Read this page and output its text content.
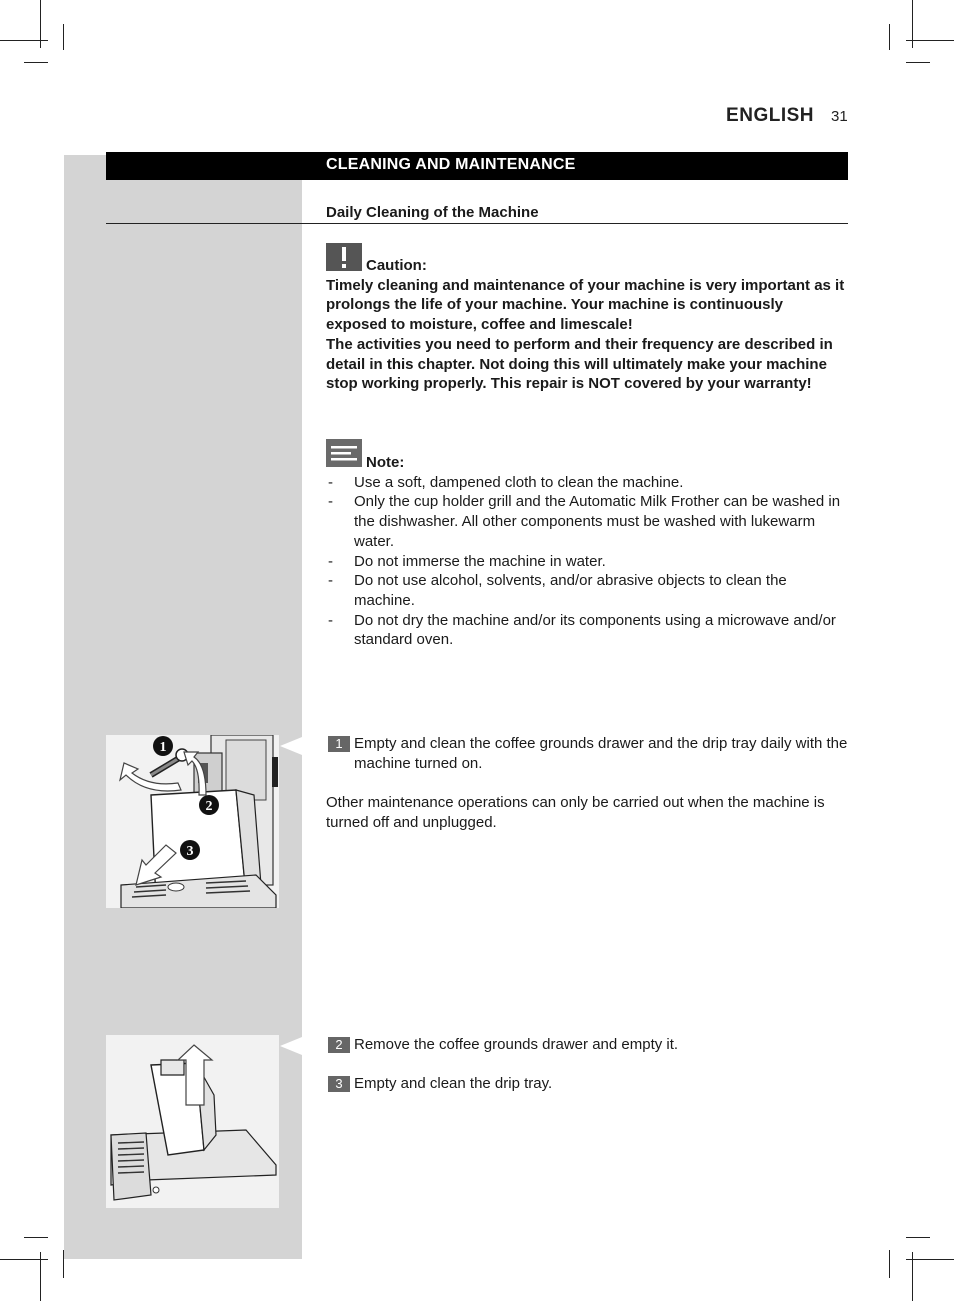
ENGLISH 31
CLEANING AND MAINTENANCE
Daily Cleaning of the Machine

Caution:

Timely cleaning and maintenance of your machine is very important as it prolongs the life of your machine. Your machine is continuously exposed to moisture, coffee and limescale!

The activities you need to perform and their frequency are described in detail in this chapter. Not doing this will ultimately make your machine stop working properly. This repair is NOT covered by your warranty!

Note:

- Use a soft, dampened cloth to clean the machine.
- Only the cup holder grill and the Automatic Milk Frother can be washed in the dishwasher. All other components must be washed with lukewarm water.
- Do not immerse the machine in water.
- Do not use alcohol, solvents, and/or abrasive objects to clean the machine.
- Do not dry the machine and/or its components using a microwave and/or standard oven.
1
2
3
1 Empty and clean the coffee grounds drawer and the drip tray daily with the machine turned on.

Other maintenance operations can only be carried out when the machine is turned off and unplugged.

2 Remove the coffee grounds drawer and empty it.
3 Empty and clean the drip tray.
